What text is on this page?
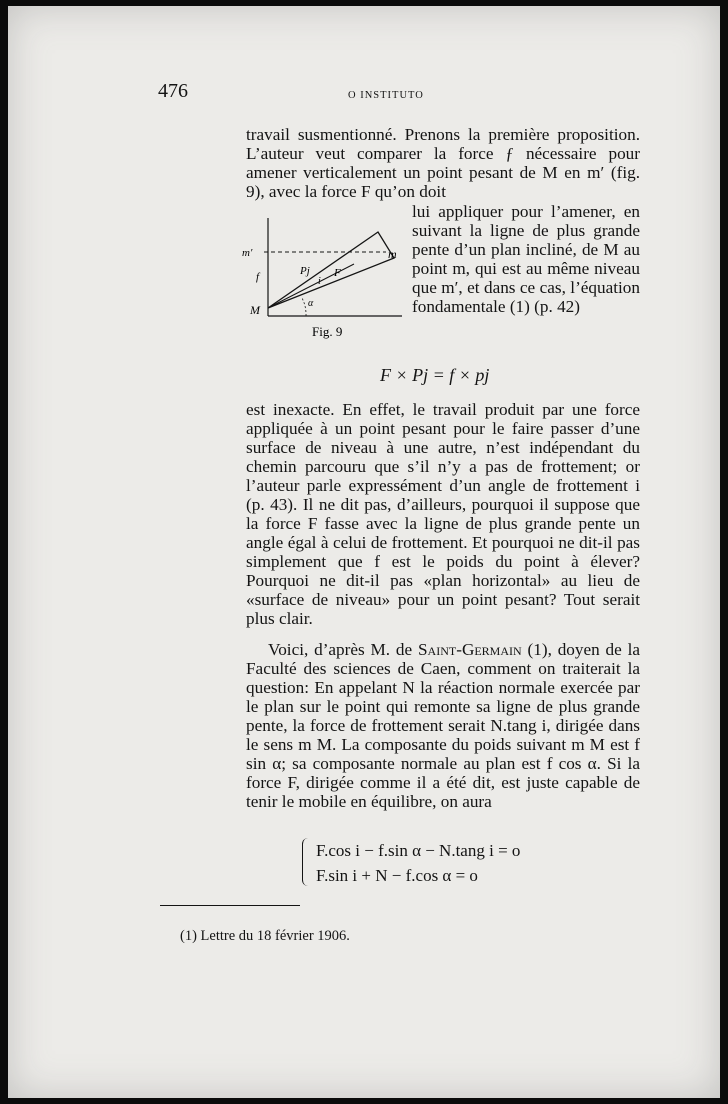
476	O INSTITUTO

travail susmentionné. Prenons la première proposition. L’auteur veut comparer la force ƒ nécessaire pour amener verticalement un point pesant de M en m′ (fig. 9), avec la force F qu’on doit

m′	m
f
M
Pj F
i
α
Fig. 9

lui appliquer pour l’amener, en suivant la ligne de plus grande pente d’un plan incliné, de M au point m, qui est au même niveau que m′, et dans ce cas, l’équation fondamentale (1) (p. 42)

F × Pj = f × pj

est inexacte. En effet, le travail produit par une force appliquée à un point pesant pour le faire passer d’une surface de niveau à une autre, n’est indépendant du chemin parcouru que s’il n’y a pas de frottement; or l’auteur parle expressément d’un angle de frottement i (p. 43). Il ne dit pas, d’ailleurs, pourquoi il suppose que la force F fasse avec la ligne de plus grande pente un angle égal à celui de frottement. Et pourquoi ne dit-il pas simplement que f est le poids du point à élever? Pourquoi ne dit-il pas «plan horizontal» au lieu de «surface de niveau» pour un point pesant? Tout serait plus clair.

Voici, d’après M. de Saint-Germain (1), doyen de la Faculté des sciences de Caen, comment on traiterait la question: En appelant N la réaction normale exercée par le plan sur le point qui remonte sa ligne de plus grande pente, la force de frottement serait N.tang i, dirigée dans le sens m M. La composante du poids suivant m M est f sin α; sa composante normale au plan est f cos α. Si la force F, dirigée comme il a été dit, est juste capable de tenir le mobile en équilibre, on aura

F.cos i − f.sin α − N.tang i = o
F.sin i + N − f.cos α = o
(1) Lettre du 18 février 1906.
